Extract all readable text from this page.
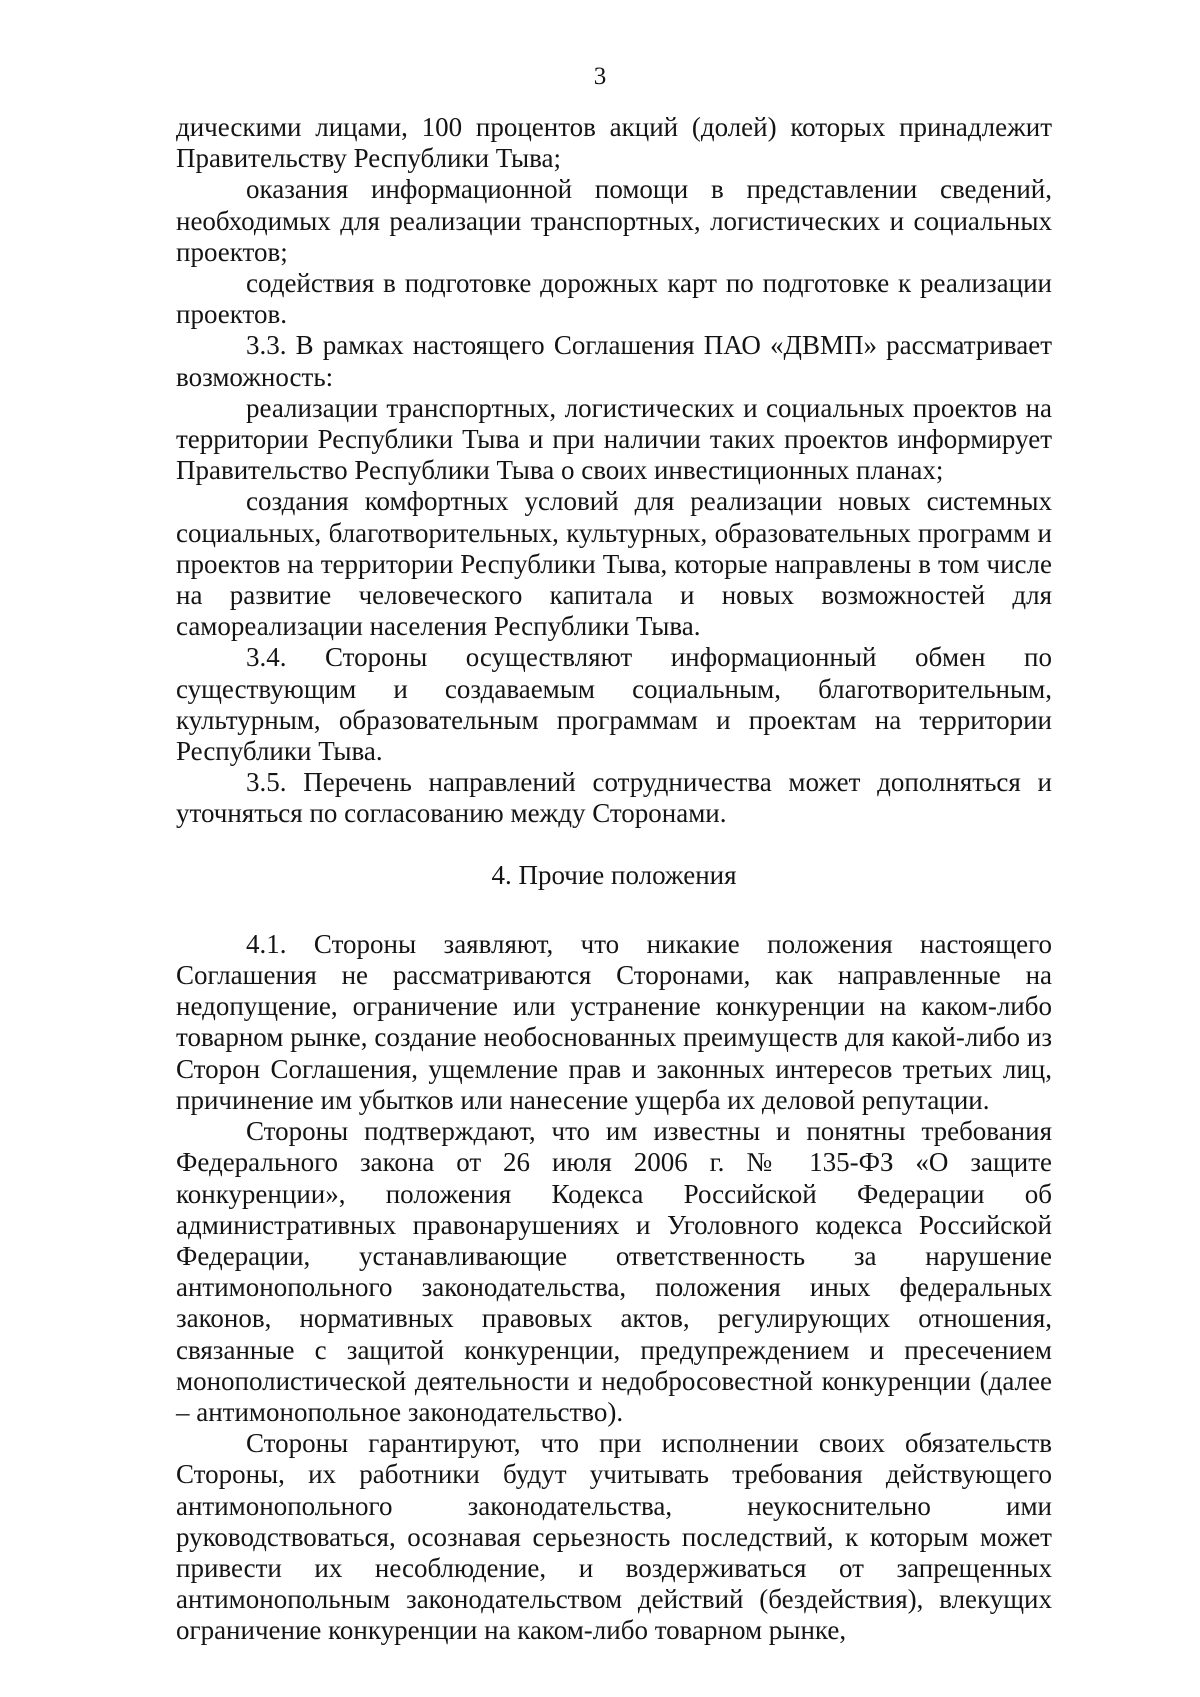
3

дическими лицами, 100 процентов акций (долей) которых принадлежит Правительству Республики Тыва;

оказания информационной помощи в представлении сведений, необходимых для реализации транспортных, логистических и социальных проектов;

содействия в подготовке дорожных карт по подготовке к реализации проектов.

3.3. В рамках настоящего Соглашения ПАО «ДВМП» рассматривает возможность:

реализации транспортных, логистических и социальных проектов на территории Республики Тыва и при наличии таких проектов информирует Правительство Республики Тыва о своих инвестиционных планах;

создания комфортных условий для реализации новых системных социальных, благотворительных, культурных, образовательных программ и проектов на территории Республики Тыва, которые направлены в том числе на развитие человеческого капитала и новых возможностей для самореализации населения Республики Тыва.

3.4. Стороны осуществляют информационный обмен по существующим и создаваемым социальным, благотворительным, культурным, образовательным программам и проектам на территории Республики Тыва.

3.5. Перечень направлений сотрудничества может дополняться и уточняться по согласованию между Сторонами.

4. Прочие положения

4.1. Стороны заявляют, что никакие положения настоящего Соглашения не рассматриваются Сторонами, как направленные на недопущение, ограничение или устранение конкуренции на каком-либо товарном рынке, создание необоснованных преимуществ для какой-либо из Сторон Соглашения, ущемление прав и законных интересов третьих лиц, причинение им убытков или нанесение ущерба их деловой репутации.

Стороны подтверждают, что им известны и понятны требования Федерального закона от 26 июля 2006 г. № 135-ФЗ «О защите конкуренции», положения Кодекса Российской Федерации об административных правонарушениях и Уголовного кодекса Российской Федерации, устанавливающие ответственность за нарушение антимонопольного законодательства, положения иных федеральных законов, нормативных правовых актов, регулирующих отношения, связанные с защитой конкуренции, предупреждением и пресечением монополистической деятельности и недобросовестной конкуренции (далее – антимонопольное законодательство).

Стороны гарантируют, что при исполнении своих обязательств Стороны, их работники будут учитывать требования действующего антимонопольного законодательства, неукоснительно ими руководствоваться, осознавая серьезность последствий, к которым может привести их несоблюдение, и воздерживаться от запрещенных антимонопольным законодательством действий (бездействия), влекущих ограничение конкуренции на каком-либо товарном рынке,
